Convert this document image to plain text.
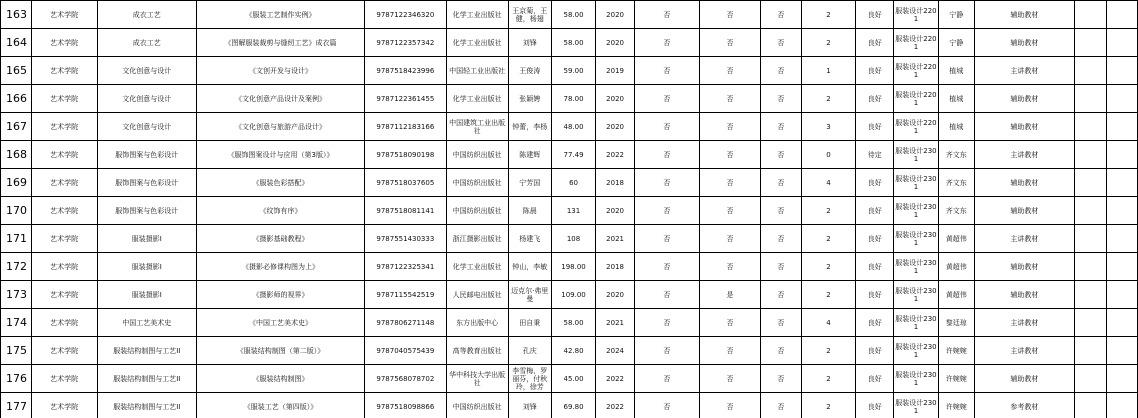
163	艺术学院	成衣工艺	《服装工艺制作实例》	9787122346320	化学工业出版社	王京菊，王健，杨翅	58.00	2020	否	否	否	2	良好	服装设计2201	宁静	辅助教材		
164	艺术学院	成衣工艺	《图解服装裁剪与缝纫工艺》成衣篇	9787122357342	化学工业出版社	刘锋	58.00	2020	否	否	否	2	良好	服装设计2201	宁静	辅助教材		
165	艺术学院	文化创意与设计	《文创开发与设计》	9787518423996	中国轻工业出版社	王俊涛	59.00	2019	否	否	否	1	良好	服装设计2201	植城	主讲教材		
166	艺术学院	文化创意与设计	《文化创意产品设计及案例》	9787122361455	化学工业出版社	张颖娉	78.00	2020	否	否	否	2	良好	服装设计2201	植城	辅助教材		
167	艺术学院	文化创意与设计	《文化创意与旅游产品设计》	9787112183166	中国建筑工业出版社	钟蕾，李杨	48.00	2020	否	否	否	3	良好	服装设计2201	植城	辅助教材		
168	艺术学院	服饰图案与色彩设计	《服饰图案设计与应用（第3版）》	9787518090198	中国纺织出版社	陈建辉	77.49	2022	否	否	否	0	待定	服装设计2301	齐文东	主讲教材		
169	艺术学院	服饰图案与色彩设计	《服装色彩搭配》	9787518037605	中国纺织出版社	宁芳国	60	2018	否	否	否	4	良好	服装设计2301	齐文东	辅助教材		
170	艺术学院	服饰图案与色彩设计	《纹饰有序》	9787518081141	中国纺织出版社	陈晨	131	2020	否	否	否	2	良好	服装设计2301	齐文东	辅助教材		
171	艺术学院	服装摄影I	《摄影基础教程》	9787551430333	浙江摄影出版社	杨建飞	108	2021	否	否	否	2	良好	服装设计2301	黄超伟	主讲教材		
172	艺术学院	服装摄影I	《摄影必修课构图为上》	9787122325341	化学工业出版社	钟山，李敏	198.00	2018	否	否	否	2	良好	服装设计2301	黄超伟	辅助教材		
173	艺术学院	服装摄影I	《摄影师的视界》	9787115542519	人民邮电出版社	迈克尔·弗里曼	109.00	2020	否	是	否	2	良好	服装设计2301	黄超伟	辅助教材		
174	艺术学院	中国工艺美术史	《中国工艺美术史》	9787806271148	东方出版中心	田自秉	58.00	2021	否	否	否	4	良好	服装设计2301	黎廷琼	主讲教材		
175	艺术学院	服装结构制图与工艺II	《服装结构制图（第二版）》	9787040575439	高等教育出版社	孔庆	42.80	2024	否	否	否	2	良好	服装设计2301	许婉婉	主讲教材		
176	艺术学院	服装结构制图与工艺II	《服装结构制图》	9787568078702	华中科技大学出版社	李雪梅，罗丽芬，付秋玲，徐芳	45.00	2022	否	否	否	2	良好	服装设计2301	许婉婉	辅助教材		
177	艺术学院	服装结构制图与工艺II	《服装工艺（第四版）》	9787518098866	中国纺织出版社	刘锋	69.80	2022	否	否	否	2	良好	服装设计2301	许婉婉	参考教材		
